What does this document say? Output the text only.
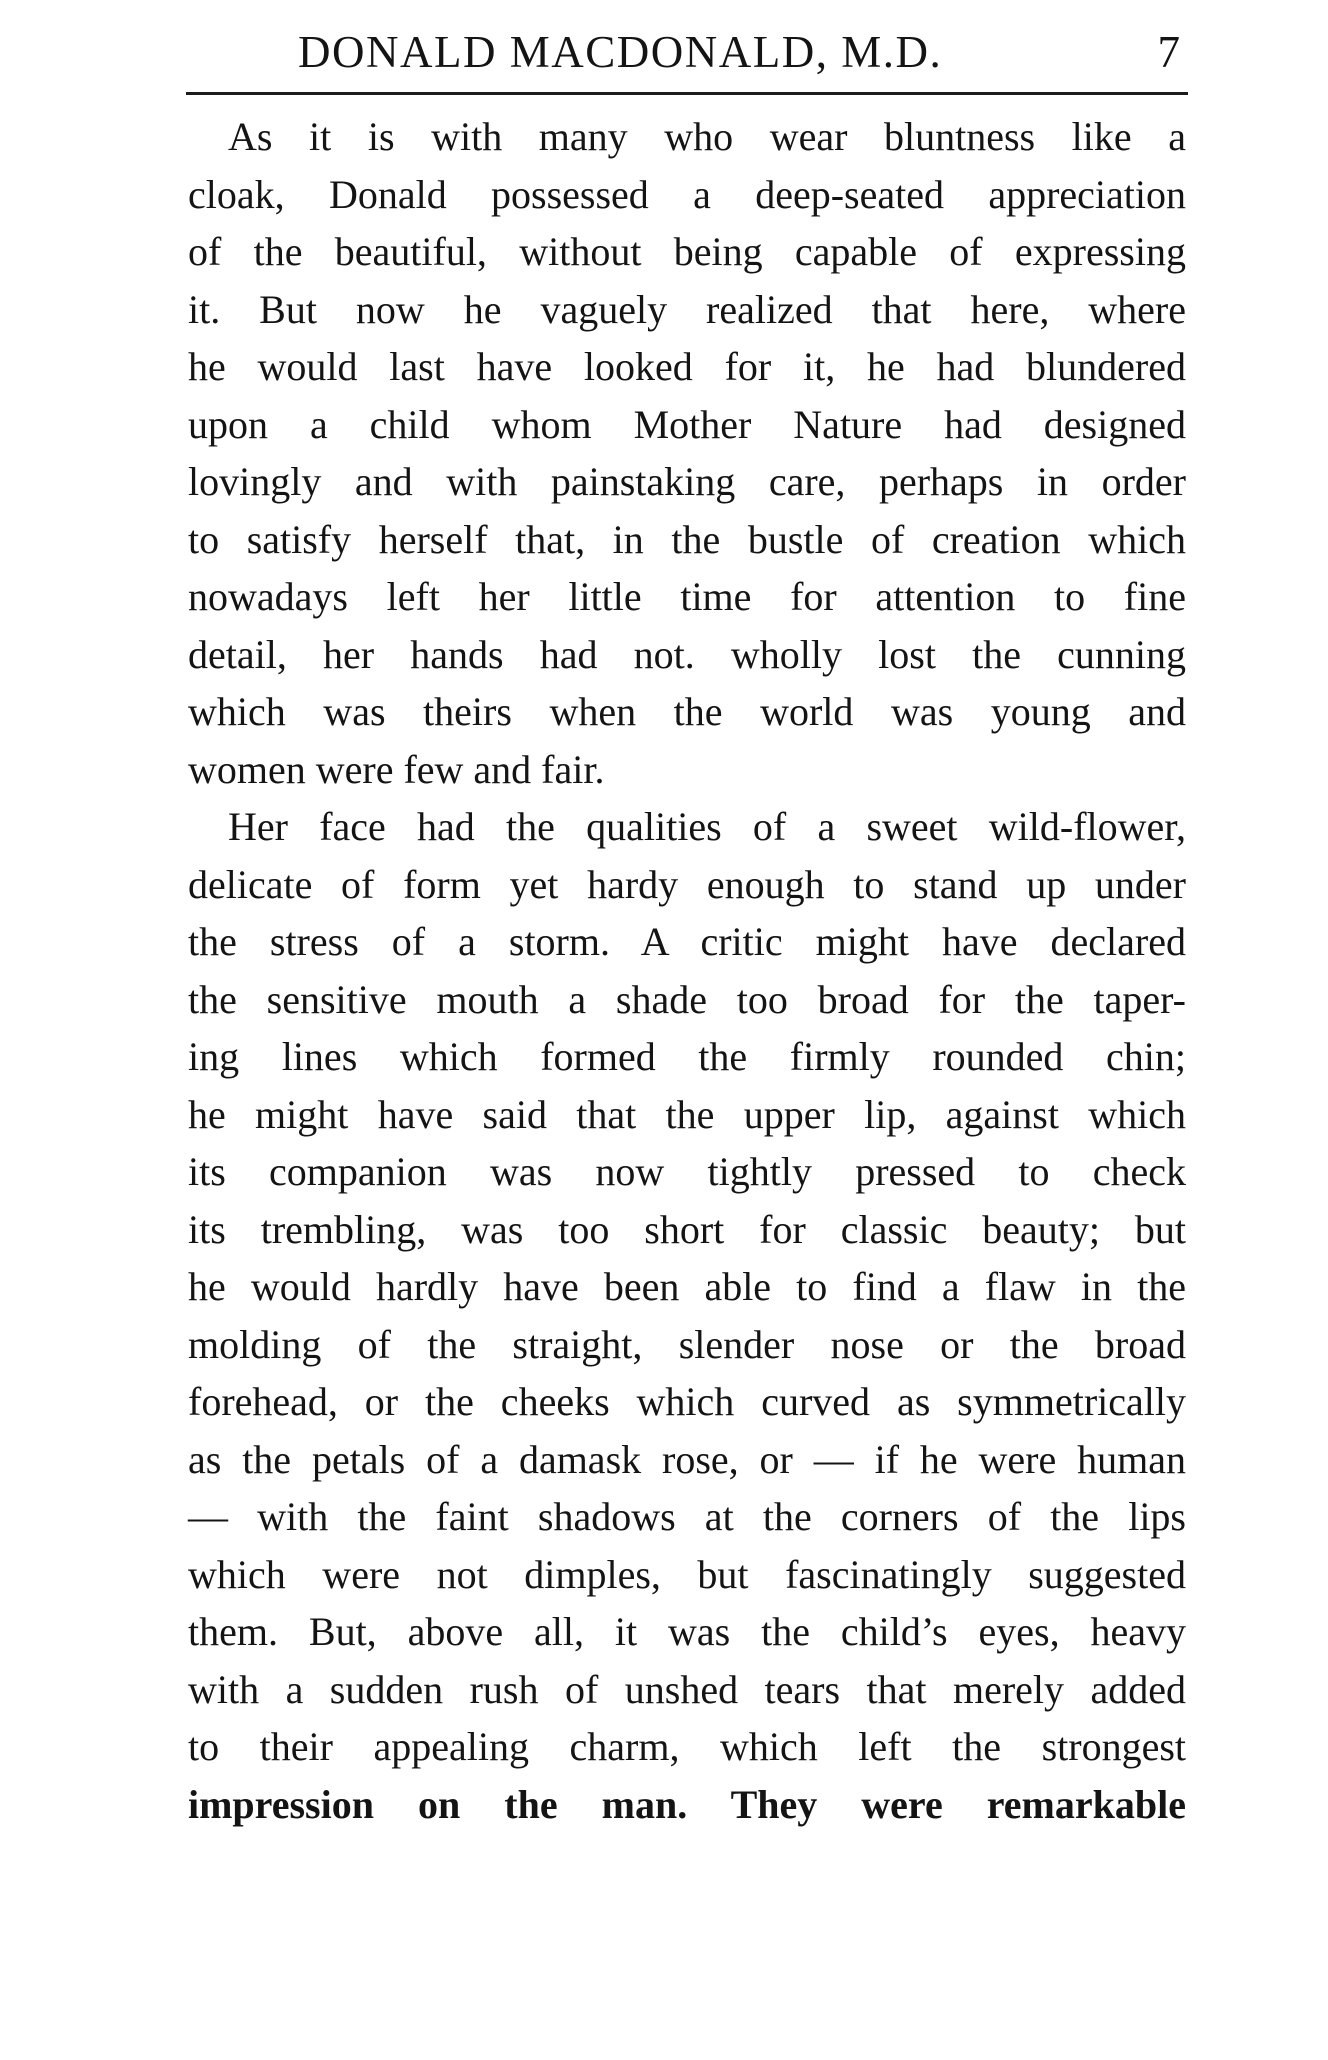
DONALD MACDONALD, M.D.	7

As it is with many who wear bluntness like a
cloak, Donald possessed a deep-seated appreciation
of the beautiful, without being capable of expressing
it. But now he vaguely realized that here, where
he would last have looked for it, he had blundered
upon a child whom Mother Nature had designed
lovingly and with painstaking care, perhaps in order
to satisfy herself that, in the bustle of creation which
nowadays left her little time for attention to fine
detail, her hands had not. wholly lost the cunning
which was theirs when the world was young and
women were few and fair.

Her face had the qualities of a sweet wild-flower,
delicate of form yet hardy enough to stand up under
the stress of a storm. A critic might have declared
the sensitive mouth a shade too broad for the taper-
ing lines which formed the firmly rounded chin;
he might have said that the upper lip, against which
its companion was now tightly pressed to check
its trembling, was too short for classic beauty; but
he would hardly have been able to find a flaw in the
molding of the straight, slender nose or the broad
forehead, or the cheeks which curved as symmetrically
as the petals of a damask rose, or — if he were human
— with the faint shadows at the corners of the lips
which were not dimples, but fascinatingly suggested
them. But, above all, it was the child’s eyes, heavy
with a sudden rush of unshed tears that merely added
to their appealing charm, which left the strongest
impression on the man. They were remarkable
